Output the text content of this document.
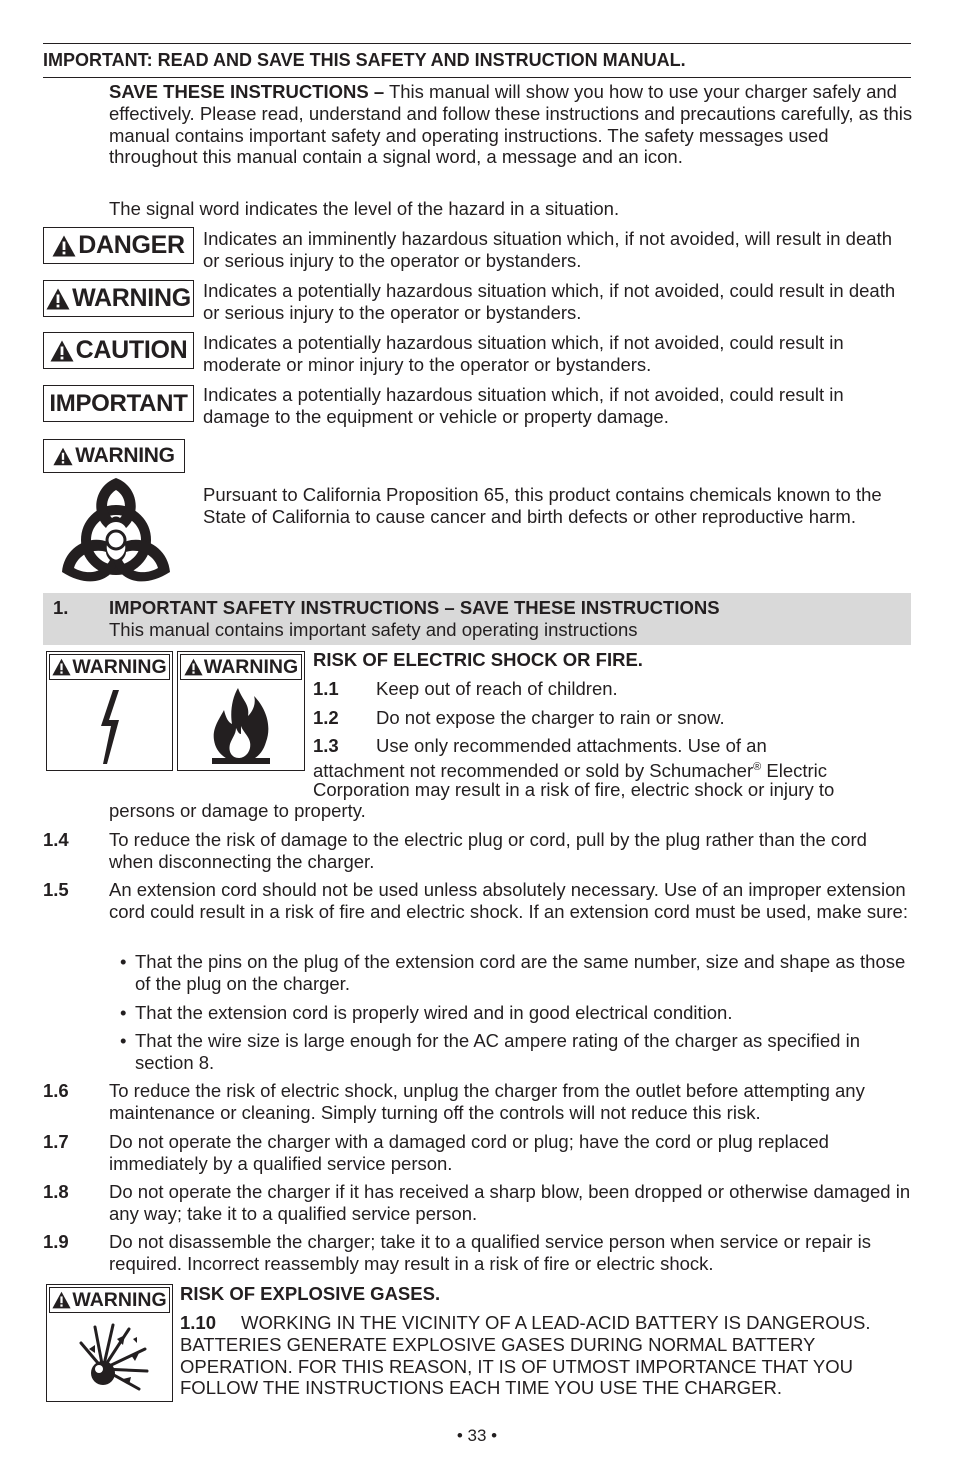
IMPORTANT: READ AND SAVE THIS SAFETY AND INSTRUCTION MANUAL.
SAVE THESE INSTRUCTIONS – This manual will show you how to use your charger safely and effectively. Please read, understand and follow these instructions and precautions carefully, as this manual contains important safety and operating instructions. The safety messages used throughout this manual contain a signal word, a message and an icon.
The signal word indicates the level of the hazard in a situation.
DANGER Indicates an imminently hazardous situation which, if not avoided, will result in death or serious injury to the operator or bystanders.
WARNING Indicates a potentially hazardous situation which, if not avoided, could result in death or serious injury to the operator or bystanders.
CAUTION Indicates a potentially hazardous situation which, if not avoided, could result in moderate or minor injury to the operator or bystanders.
IMPORTANT Indicates a potentially hazardous situation which, if not avoided, could result in damage to the equipment or vehicle or property damage.
WARNING
Pursuant to California Proposition 65, this product contains chemicals known to the State of California to cause cancer and birth defects or other reproductive harm.
1. IMPORTANT SAFETY INSTRUCTIONS – SAVE THESE INSTRUCTIONS
This manual contains important safety and operating instructions
WARNING WARNING RISK OF ELECTRIC SHOCK OR FIRE.
1.1 Keep out of reach of children.
1.2 Do not expose the charger to rain or snow.
1.3 Use only recommended attachments. Use of an
attachment not recommended or sold by Schumacher® Electric
Corporation may result in a risk of fire, electric shock or injury to
persons or damage to property.
1.4 To reduce the risk of damage to the electric plug or cord, pull by the plug rather than the cord when disconnecting the charger.
1.5 An extension cord should not be used unless absolutely necessary. Use of an improper extension cord could result in a risk of fire and electric shock. If an extension cord must be used, make sure:
• That the pins on the plug of the extension cord are the same number, size and shape as those of the plug on the charger.
• That the extension cord is properly wired and in good electrical condition.
• That the wire size is large enough for the AC ampere rating of the charger as specified in section 8.
1.6 To reduce the risk of electric shock, unplug the charger from the outlet before attempting any maintenance or cleaning. Simply turning off the controls will not reduce this risk.
1.7 Do not operate the charger with a damaged cord or plug; have the cord or plug replaced immediately by a qualified service person.
1.8 Do not operate the charger if it has received a sharp blow, been dropped or otherwise damaged in any way; take it to a qualified service person.
1.9 Do not disassemble the charger; take it to a qualified service person when service or repair is required. Incorrect reassembly may result in a risk of fire or electric shock.
WARNING RISK OF EXPLOSIVE GASES.
1.10 WORKING IN THE VICINITY OF A LEAD-ACID BATTERY IS DANGEROUS. BATTERIES GENERATE EXPLOSIVE GASES DURING NORMAL BATTERY OPERATION. FOR THIS REASON, IT IS OF UTMOST IMPORTANCE THAT YOU FOLLOW THE INSTRUCTIONS EACH TIME YOU USE THE CHARGER.
• 33 •
